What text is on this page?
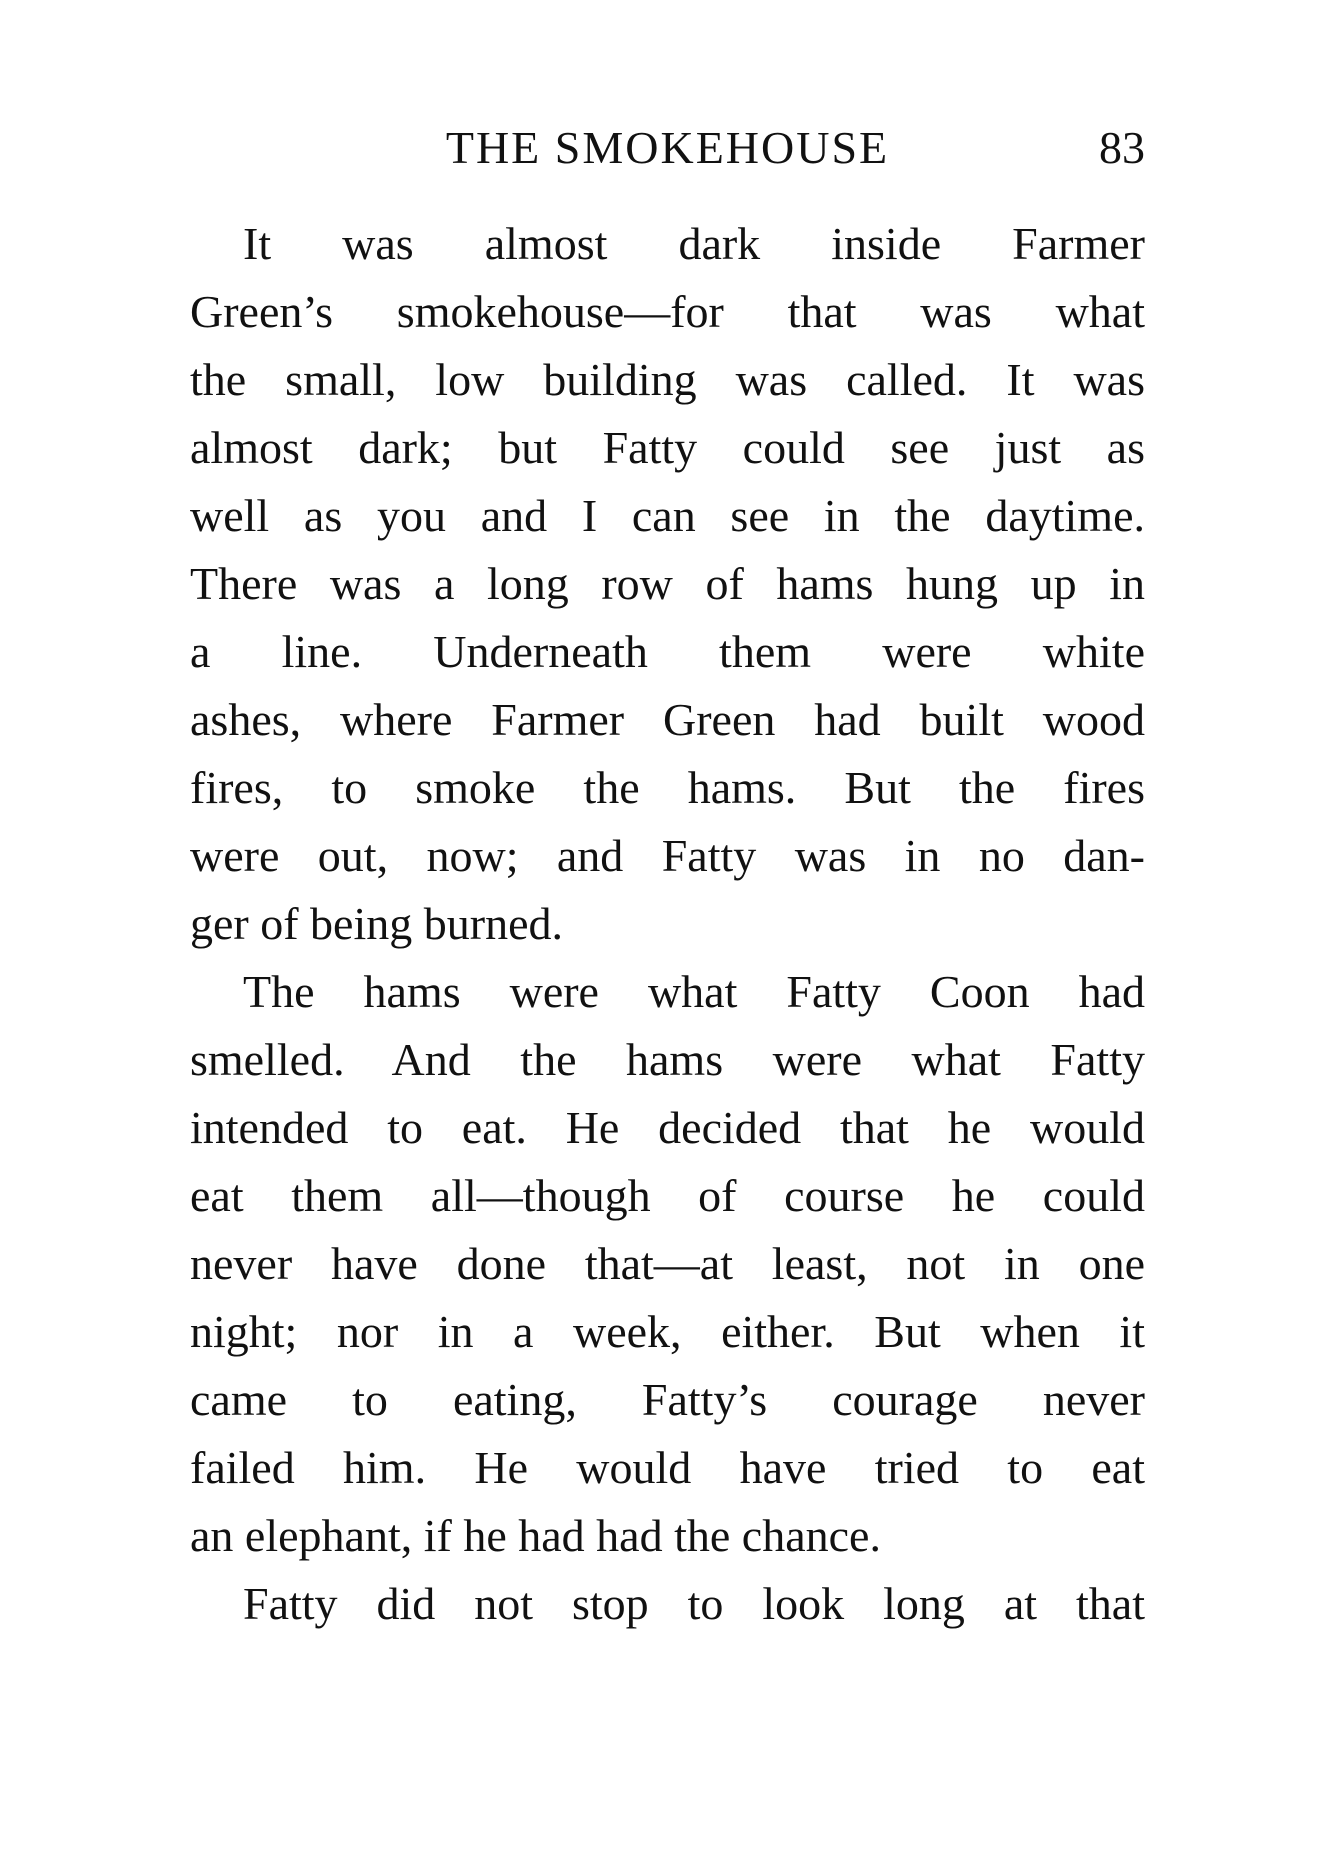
THE SMOKEHOUSE	83
It was almost dark inside Farmer
Green’s smokehouse—for that was what
the small, low building was called. It was
almost dark; but Fatty could see just as
well as you and I can see in the daytime.
There was a long row of hams hung up in
a line. Underneath them were white
ashes, where Farmer Green had built wood
fires, to smoke the hams. But the fires
were out, now; and Fatty was in no dan-
ger of being burned.
The hams were what Fatty Coon had
smelled. And the hams were what Fatty
intended to eat. He decided that he would
eat them all—though of course he could
never have done that—at least, not in one
night; nor in a week, either. But when it
came to eating, Fatty’s courage never
failed him. He would have tried to eat
an elephant, if he had had the chance.
Fatty did not stop to look long at that
